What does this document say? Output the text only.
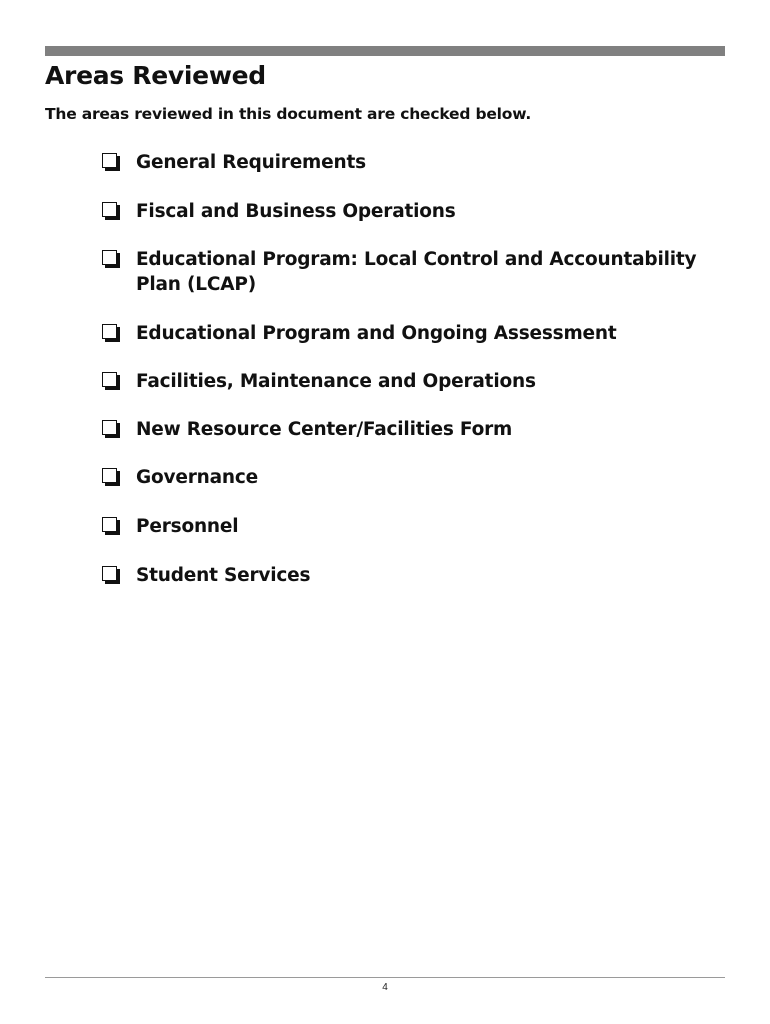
Areas Reviewed

The areas reviewed in this document are checked below.

General Requirements
Fiscal and Business Operations
Educational Program: Local Control and Accountability Plan (LCAP)
Educational Program and Ongoing Assessment
Facilities, Maintenance and Operations
New Resource Center/Facilities Form
Governance
Personnel
Student Services
4
